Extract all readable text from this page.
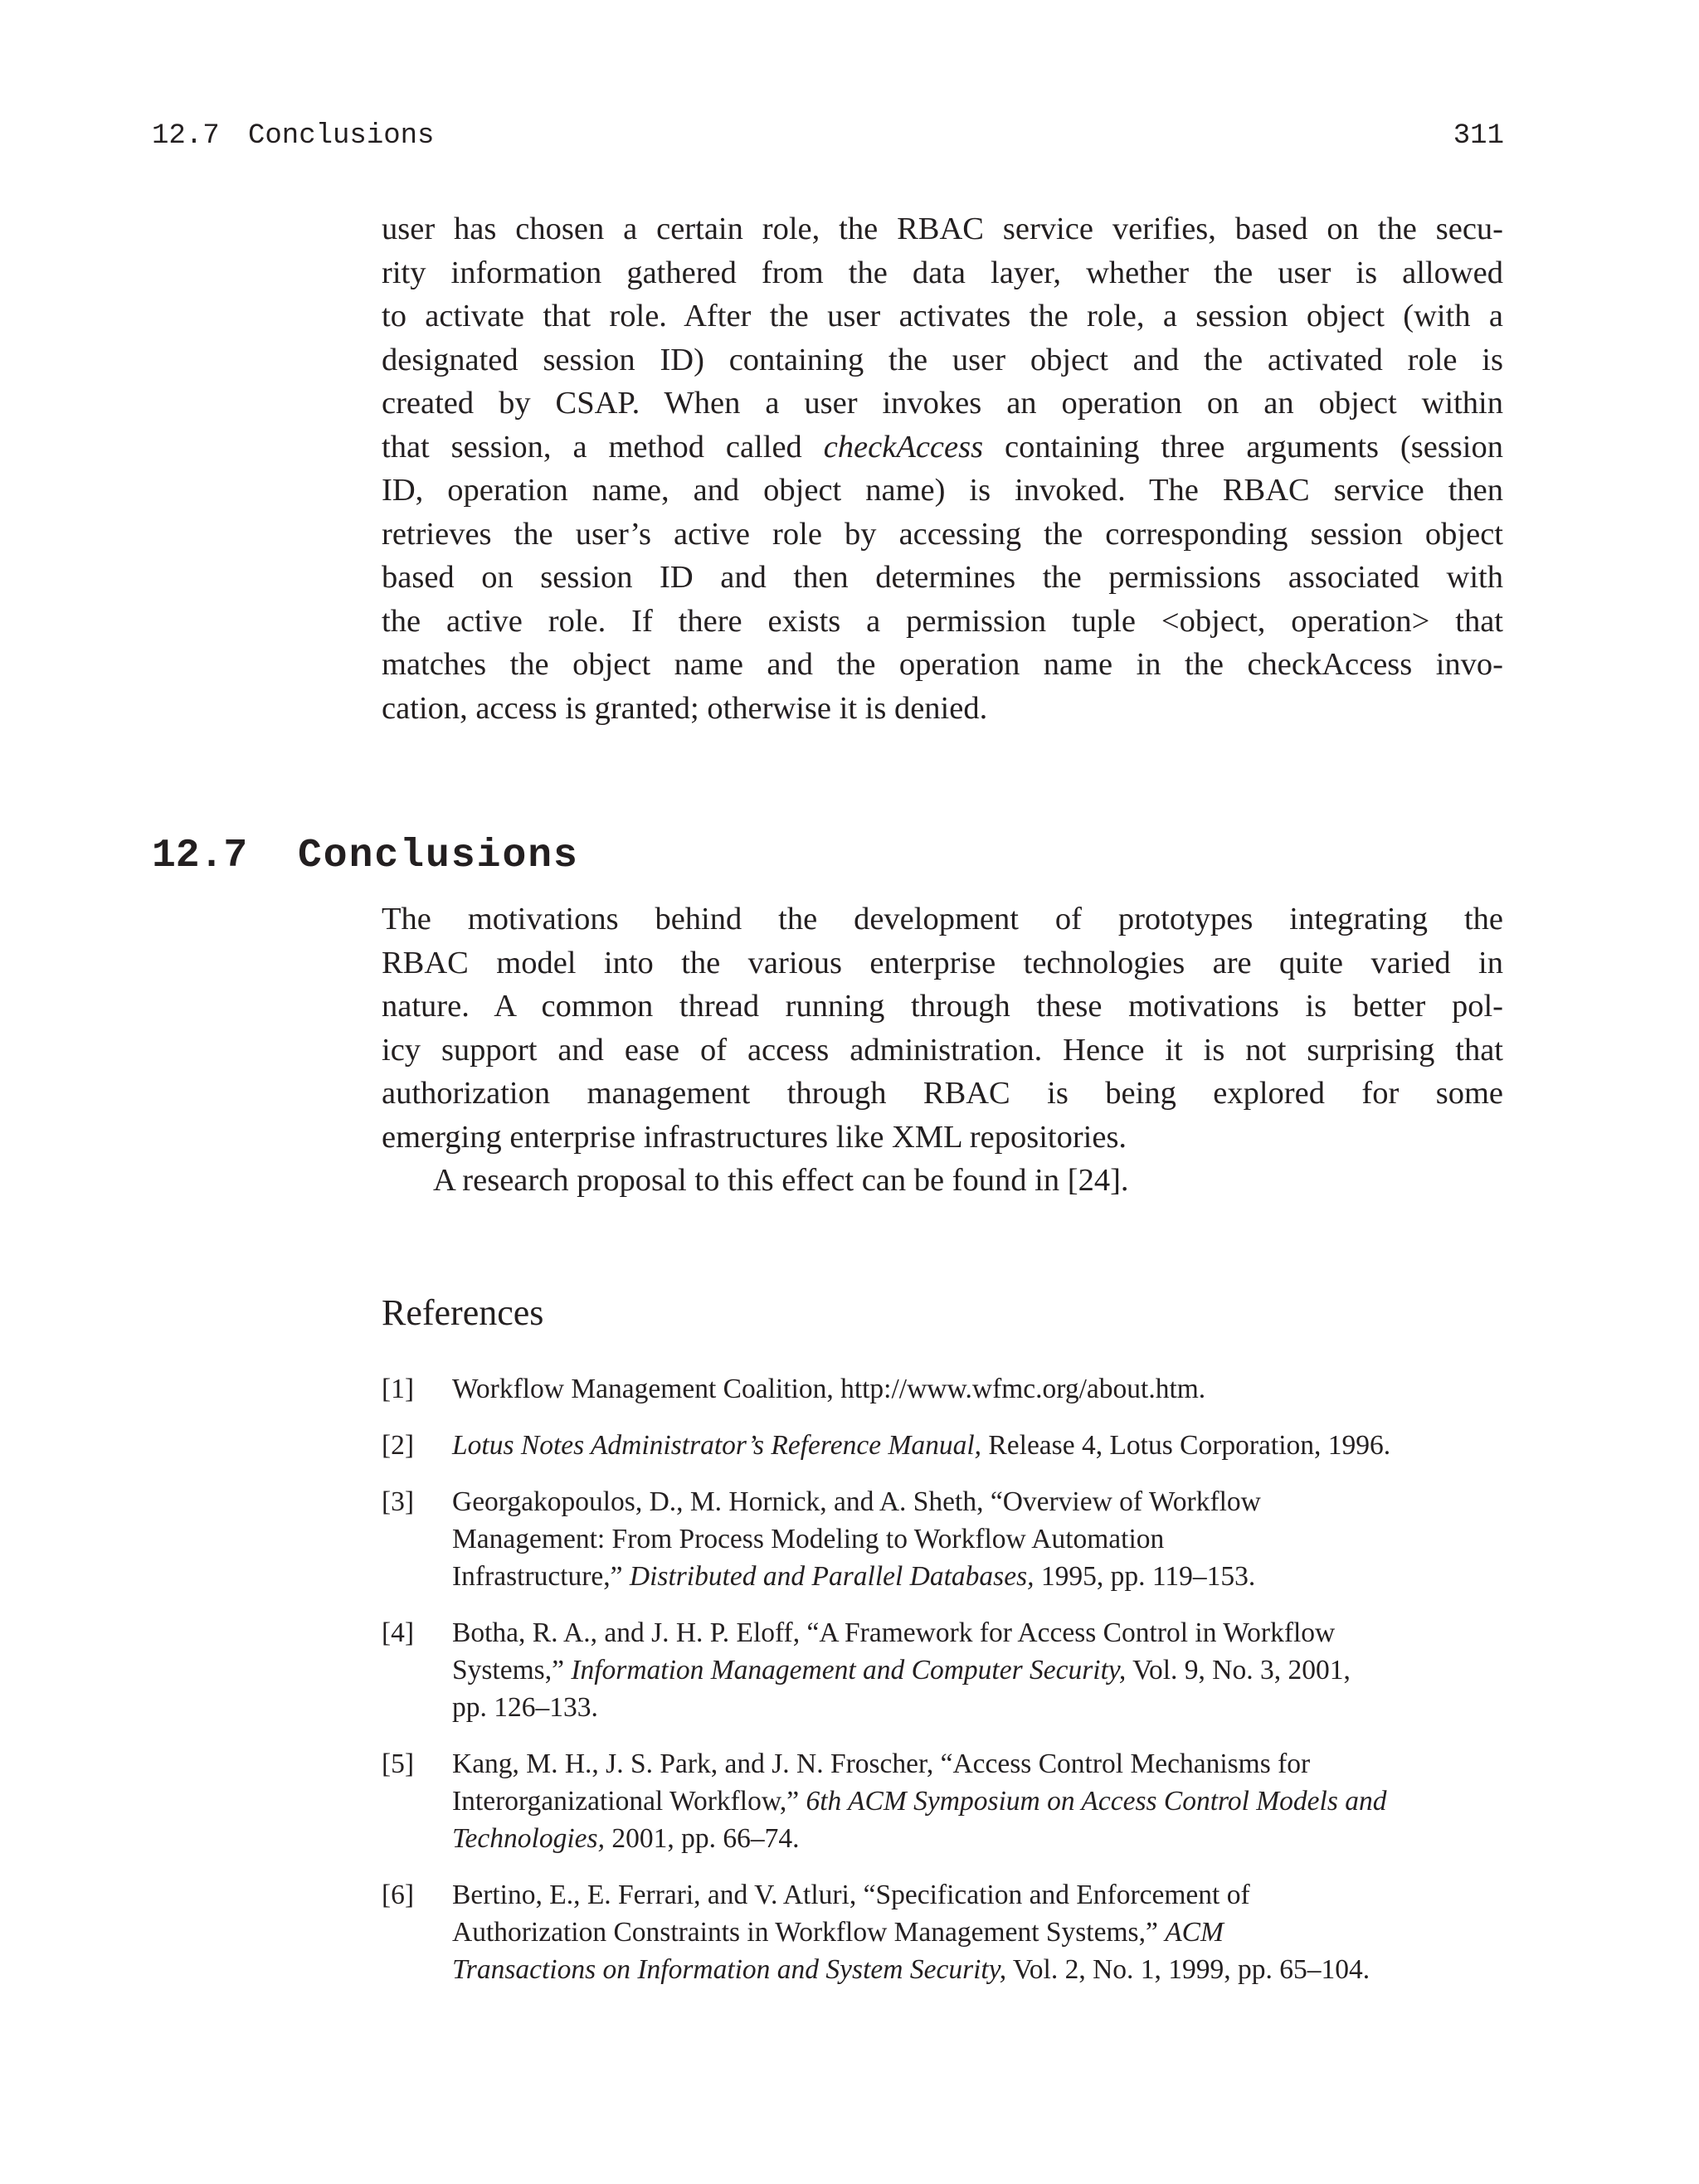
12.7 Conclusions	311

user has chosen a certain role, the RBAC service verifies, based on the secu-
rity information gathered from the data layer, whether the user is allowed
to activate that role. After the user activates the role, a session object (with a
designated session ID) containing the user object and the activated role is
created by CSAP. When a user invokes an operation on an object within
that session, a method called checkAccess containing three arguments (session
ID, operation name, and object name) is invoked. The RBAC service then
retrieves the user’s active role by accessing the corresponding session object
based on session ID and then determines the permissions associated with
the active role. If there exists a permission tuple <object, operation> that
matches the object name and the operation name in the checkAccess invo-
cation, access is granted; otherwise it is denied.

12.7 Conclusions

The motivations behind the development of prototypes integrating the
RBAC model into the various enterprise technologies are quite varied in
nature. A common thread running through these motivations is better pol-
icy support and ease of access administration. Hence it is not surprising that
authorization management through RBAC is being explored for some
emerging enterprise infrastructures like XML repositories.
A research proposal to this effect can be found in [24].

References
[1] Workflow Management Coalition, http://www.wfmc.org/about.htm.
[2] Lotus Notes Administrator’s Reference Manual, Release 4, Lotus Corporation, 1996.
[3] Georgakopoulos, D., M. Hornick, and A. Sheth, “Overview of Workflow
Management: From Process Modeling to Workflow Automation
Infrastructure,” Distributed and Parallel Databases, 1995, pp. 119–153.
[4] Botha, R. A., and J. H. P. Eloff, “A Framework for Access Control in Workflow
Systems,” Information Management and Computer Security, Vol. 9, No. 3, 2001,
pp. 126–133.
[5] Kang, M. H., J. S. Park, and J. N. Froscher, “Access Control Mechanisms for
Interorganizational Workflow,” 6th ACM Symposium on Access Control Models and
Technologies, 2001, pp. 66–74.
[6] Bertino, E., E. Ferrari, and V. Atluri, “Specification and Enforcement of
Authorization Constraints in Workflow Management Systems,” ACM
Transactions on Information and System Security, Vol. 2, No. 1, 1999, pp. 65–104.
